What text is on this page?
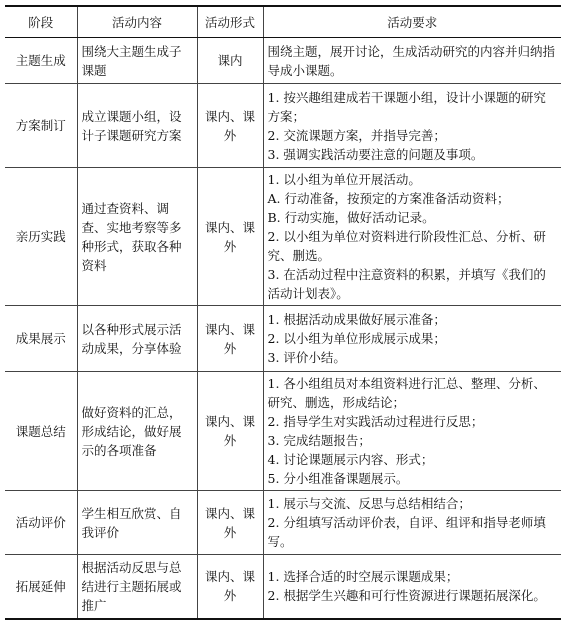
阶段	活动内容	活动形式	活动要求
主题生成	围绕大主题生成子课题	课内	围绕主题，展开讨论，生成活动研究的内容并归纳指导成小课题。

方案制订	成立课题小组，设计子课题研究方案	课内、课外	1. 按兴趣组建成若干课题小组，设计小课题的研究方案；
2. 交流课题方案，并指导完善；
3. 强调实践活动要注意的问题及事项。

亲历实践	通过查资料、调查、实地考察等多种形式，获取各种资料	课内、课外	1. 以小组为单位开展活动。
A. 行动准备，按预定的方案准备活动资料；
B. 行动实施，做好活动记录。
2. 以小组为单位对资料进行阶段性汇总、分析、研究、删选。
3. 在活动过程中注意资料的积累，并填写《我们的活动计划表》。

成果展示	以各种形式展示活动成果，分享体验	课内、课外	1. 根据活动成果做好展示准备；
2. 以小组为单位形成展示成果；
3. 评价小结。

课题总结	做好资料的汇总，形成结论，做好展示的各项准备	课内、课外	1. 各小组组员对本组资料进行汇总、整理、分析、研究、删选，形成结论；
2. 指导学生对实践活动过程进行反思；
3. 完成结题报告；
4. 讨论课题展示内容、形式；
5. 分小组准备课题展示。

活动评价	学生相互欣赏、自我评价	课内、课外	1. 展示与交流、反思与总结相结合；
2. 分组填写活动评价表，自评、组评和指导老师填写。

拓展延伸	根据活动反思与总结进行主题拓展或推广	课内、课外	1. 选择合适的时空展示课题成果；
2. 根据学生兴趣和可行性资源进行课题拓展深化。
